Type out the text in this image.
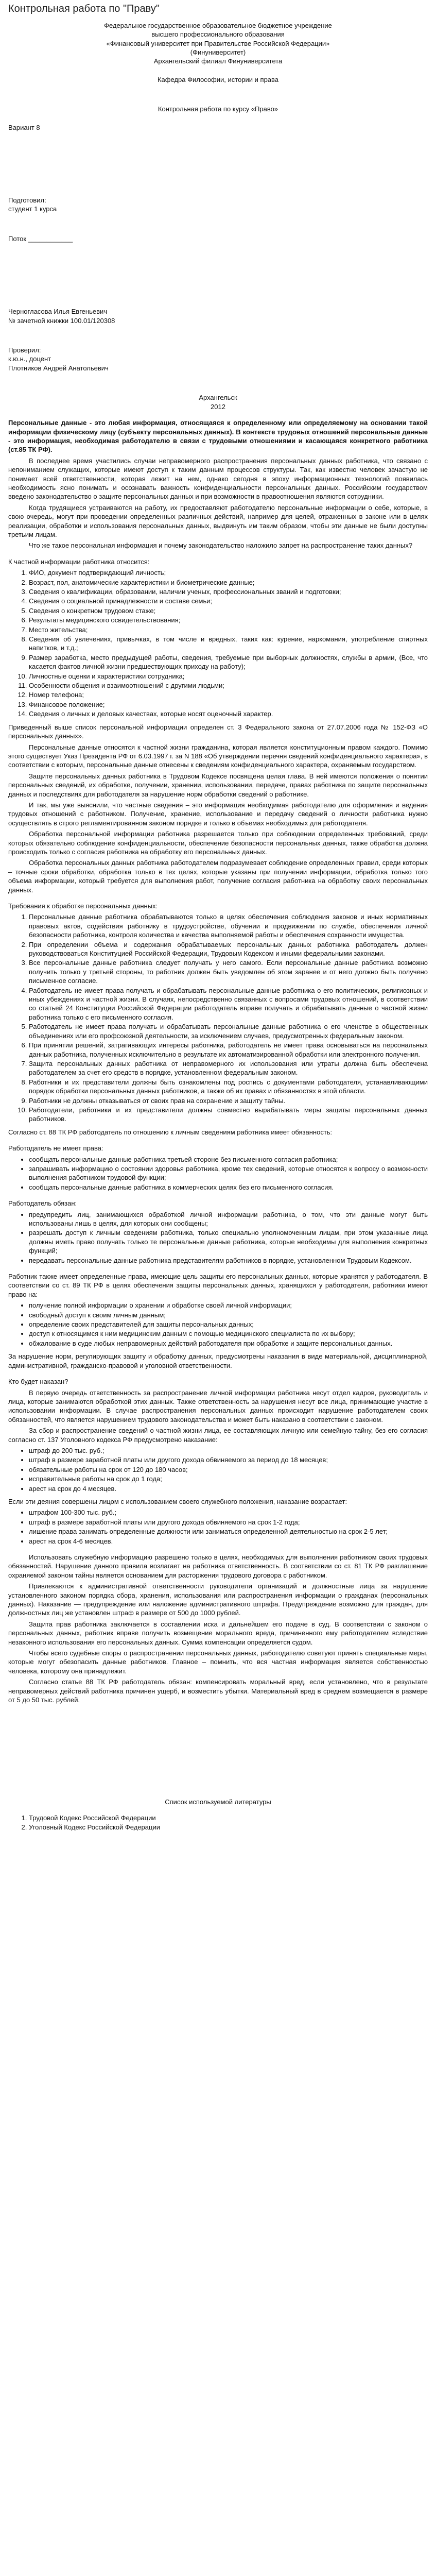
Контрольная работа по "Праву"

Федеральное государственное образовательное бюджетное учреждение

высшего профессионального образования

«Финансовый университет при Правительстве Российской Федерации»

(Финуниверситет)

Архангельский филиал Финуниверситета

Кафедра Философии, истории и права

Контрольная работа по курсу «Право»

Вариант 8

Подготовил:

студент 1 курса

Поток ____________

Черногласова Илья Евгеньевич

№ зачетной книжки 100.01/120308

Проверил:

к.ю.н., доцент

Плотников Андрей Анатольевич

Архангельск

2012

Персональные данные - это любая информация, относящаяся к определенному или определяемому на основании такой информации физическому лицу (субъекту персональных данных). В контексте трудовых отношений персональные данные - это информация, необходимая работодателю в связи с трудовыми отношениями и касающаяся конкретного работника (ст.85 ТК РФ).

В последнее время участились случаи неправомерного распространения персональных данных работника, что связано с непониманием служащих, которые имеют доступ к таким данным процессов структуры. Так, как известно человек зачастую не понимает всей ответственности, которая лежит на нем, однако сегодня в эпоху информационных технологий появилась необходимость ясно понимать и осознавать важность конфиденциальности персональных данных. Российским государством введено законодательство о защите персональных данных и при возможности в правоотношения являются сотрудники.

Когда трудящиеся устраиваются на работу, их предоставляют работодателю персональные информации о себе, которые, в свою очередь, могут при проведении определенных различных действий, например для целей, отраженных в законе или в целях реализации, обработки и использования персональных данных, выдвинуть им таким образом, чтобы эти данные не были доступны третьим лицам.

Что же такое персональная информация и почему законодательство наложило запрет на распространение таких данных?

К частной информации работника относится:

1. ФИО, документ подтверждающий личность;
2. Возраст, пол, анатомические характеристики и биометрические данные;
3. Сведения о квалификации, образовании, наличии ученых, профессиональных званий и подготовки;
4. Сведения о социальной принадлежности и составе семьи;
5. Сведения о конкретном трудовом стаже;
6. Результаты медицинского освидетельствования;
7. Место жительства;
8. Сведения об увлечениях, привычках, в том числе и вредных, таких как: курение, наркомания, употребление спиртных напитков, и т.д.;
9. Размер заработка, место предыдущей работы, сведения, требуемые при выборных должностях, службы в армии, (Все, что касается фактов личной жизни предшествующих приходу на работу);
10. Личностные оценки и характеристики сотрудника;
11. Особенности общения и взаимоотношений с другими людьми;
12. Номер телефона;
13. Финансовое положение;
14. Сведения о личных и деловых качествах, которые носят оценочный характер.

Приведенный выше список персональной информации определен ст. 3 Федерального закона от 27.07.2006 года № 152-ФЗ «О персональных данных».

Персональные данные относятся к частной жизни гражданина, которая является конституционным правом каждого. Помимо этого существует Указ Президента РФ от 6.03.1997 г. за N 188 «Об утверждении перечня сведений конфиденциального характера», в соответствии с которым, персональные данные отнесены к сведениям конфиденциального характера, охраняемым государством.

Защите персональных данных работника в Трудовом Кодексе посвящена целая глава. В ней имеются положения о понятии персональных сведений, их обработке, получении, хранении, использовании, передаче, правах работника по защите персональных данных и последствиях для работодателя за нарушение норм обработки сведений о работнике.

И так, мы уже выяснили, что частные сведения – это информация необходимая работодателю для оформления и ведения трудовых отношений с работником. Получение, хранение, использование и передачу сведений о личности работника нужно осуществлять в строго регламентированном законом порядке и только в объемах необходимых для работодателя.

Обработка персональной информации работника разрешается только при соблюдении определенных требований, среди которых обязательно соблюдение конфиденциальности, обеспечение безопасности персональных данных, также обработка должна происходить только с согласия работника на обработку его персональных данных.

Обработка персональных данных работника работодателем подразумевает соблюдение определенных правил, среди которых – точные сроки обработки, обработка только в тех целях, которые указаны при получении информации, обработка только того объема информации, который требуется для выполнения работ, получение согласия работника на обработку своих персональных данных.

Требования к обработке персональных данных:

1. Персональные данные работника обрабатываются только в целях обеспечения соблюдения законов и иных нормативных правовых актов, содействия работнику в трудоустройстве, обучении и продвижении по службе, обеспечения личной безопасности работника, контроля количества и качества выполняемой работы и обеспечения сохранности имущества.
2. При определении объема и содержания обрабатываемых персональных данных работника работодатель должен руководствоваться Конституцией Российской Федерации, Трудовым Кодексом и иными федеральными законами.
3. Все персональные данные работника следует получать у него самого. Если персональные данные работника возможно получить только у третьей стороны, то работник должен быть уведомлен об этом заранее и от него должно быть получено письменное согласие.
4. Работодатель не имеет права получать и обрабатывать персональные данные работника о его политических, религиозных и иных убеждениях и частной жизни. В случаях, непосредственно связанных с вопросами трудовых отношений, в соответствии со статьей 24 Конституции Российской Федерации работодатель вправе получать и обрабатывать данные о частной жизни работника только с его письменного согласия.
5. Работодатель не имеет права получать и обрабатывать персональные данные работника о его членстве в общественных объединениях или его профсоюзной деятельности, за исключением случаев, предусмотренных федеральным законом.
6. При принятии решений, затрагивающих интересы работника, работодатель не имеет права основываться на персональных данных работника, полученных исключительно в результате их автоматизированной обработки или электронного получения.
7. Защита персональных данных работника от неправомерного их использования или утраты должна быть обеспечена работодателем за счет его средств в порядке, установленном федеральным законом.
8. Работники и их представители должны быть ознакомлены под роспись с документами работодателя, устанавливающими порядок обработки персональных данных работников, а также об их правах и обязанностях в этой области.
9. Работники не должны отказываться от своих прав на сохранение и защиту тайны.
10. Работодатели, работники и их представители должны совместно вырабатывать меры защиты персональных данных работников.

Согласно ст. 88 ТК РФ работодатель по отношению к личным сведениям работника имеет обязанность:

Работодатель не имеет права:

• сообщать персональные данные работника третьей стороне без письменного согласия работника;
• запрашивать информацию о состоянии здоровья работника, кроме тех сведений, которые относятся к вопросу о возможности выполнения работником трудовой функции;
• сообщать персональные данные работника в коммерческих целях без его письменного согласия.

Работодатель обязан:

• предупредить лиц, занимающихся обработкой личной информации работника, о том, что эти данные могут быть использованы лишь в целях, для которых они сообщены;
• разрешать доступ к личным сведениям работника, только специально уполномоченным лицам, при этом указанные лица должны иметь право получать только те персональные данные работника, которые необходимы для выполнения конкретных функций;
• передавать персональные данные работника представителям работников в порядке, установленном Трудовым Кодексом.

Работник также имеет определенные права, имеющие цель защиты его персональных данных, которые хранятся у работодателя. В соответствии со ст. 89 ТК РФ в целях обеспечения защиты персональных данных, хранящихся у работодателя, работники имеют право на:

• получение полной информации о хранении и обработке своей личной информации;
• свободный доступ к своим личным данным;
• определение своих представителей для защиты персональных данных;
• доступ к относящимся к ним медицинским данным с помощью медицинского специалиста по их выбору;
• обжалование в суде любых неправомерных действий работодателя при обработке и защите персональных данных.

За нарушение норм, регулирующих защиту и обработку данных, предусмотрены наказания в виде материальной, дисциплинарной, административной, гражданско-правовой и уголовной ответственности.

Кто будет наказан?

В первую очередь ответственность за распространение личной информации работника несут отдел кадров, руководитель и лица, которые занимаются обработкой этих данных. Также ответственность за нарушения несут все лица, принимающие участие в использовании информации. В случае распространения персональных данных происходит нарушение работодателем своих обязанностей, что является нарушением трудового законодательства и может быть наказано в соответствии с законом.

За сбор и распространение сведений о частной жизни лица, ее составляющих личную или семейную тайну, без его согласия согласно ст. 137 Уголовного кодекса РФ предусмотрено наказание:

• штраф до 200 тыс. руб.;
• штраф в размере заработной платы или другого дохода обвиняемого за период до 18 месяцев;
• обязательные работы на срок от 120 до 180 часов;
• исправительные работы на срок до 1 года;
• арест на срок до 4 месяцев.

Если эти деяния совершены лицом с использованием своего служебного положения, наказание возрастает:

• штрафом 100-300 тыс. руб.;
• штраф в размере заработной платы или другого дохода обвиняемого на срок 1-2 года;
• лишение права занимать определенные должности или заниматься определенной деятельностью на срок 2-5 лет;
• арест на срок 4-6 месяцев.

Использовать служебную информацию разрешено только в целях, необходимых для выполнения работником своих трудовых обязанностей. Нарушение данного правила возлагает на работника ответственность. В соответствии со ст. 81 ТК РФ разглашение охраняемой законом тайны является основанием для расторжения трудового договора с работником.

Привлекаются к административной ответственности руководители организаций и должностные лица за нарушение установленного законом порядка сбора, хранения, использования или распространения информации о гражданах (персональных данных). Наказание — предупреждение или наложение административного штрафа. Предупреждение возможно для граждан, для должностных лиц же установлен штраф в размере от 500 до 1000 рублей.

Защита прав работника заключается в составлении иска и дальнейшем его подаче в суд. В соответствии с законом о персональных данных, работник вправе получить возмещение морального вреда, причиненного ему работодателем вследствие незаконного использования его персональных данных. Сумма компенсации определяется судом.

Чтобы всего судебные споры о распространении персональных данных, работодателю советуют принять специальные меры, которые могут обезопасить данные работников. Главное – помнить, что вся частная информация является собственностью человека, которому она принадлежит.

Согласно статье 88 ТК РФ работодатель обязан: компенсировать моральный вред, если установлено, что в результате неправомерных действий работника причинен ущерб, и возместить убытки. Материальный вред в среднем возмещается в размере от 5 до 50 тыс. рублей.

Список используемой литературы

1. Трудовой Кодекс Российской Федерации
2. Уголовный Кодекс Российской Федерации
